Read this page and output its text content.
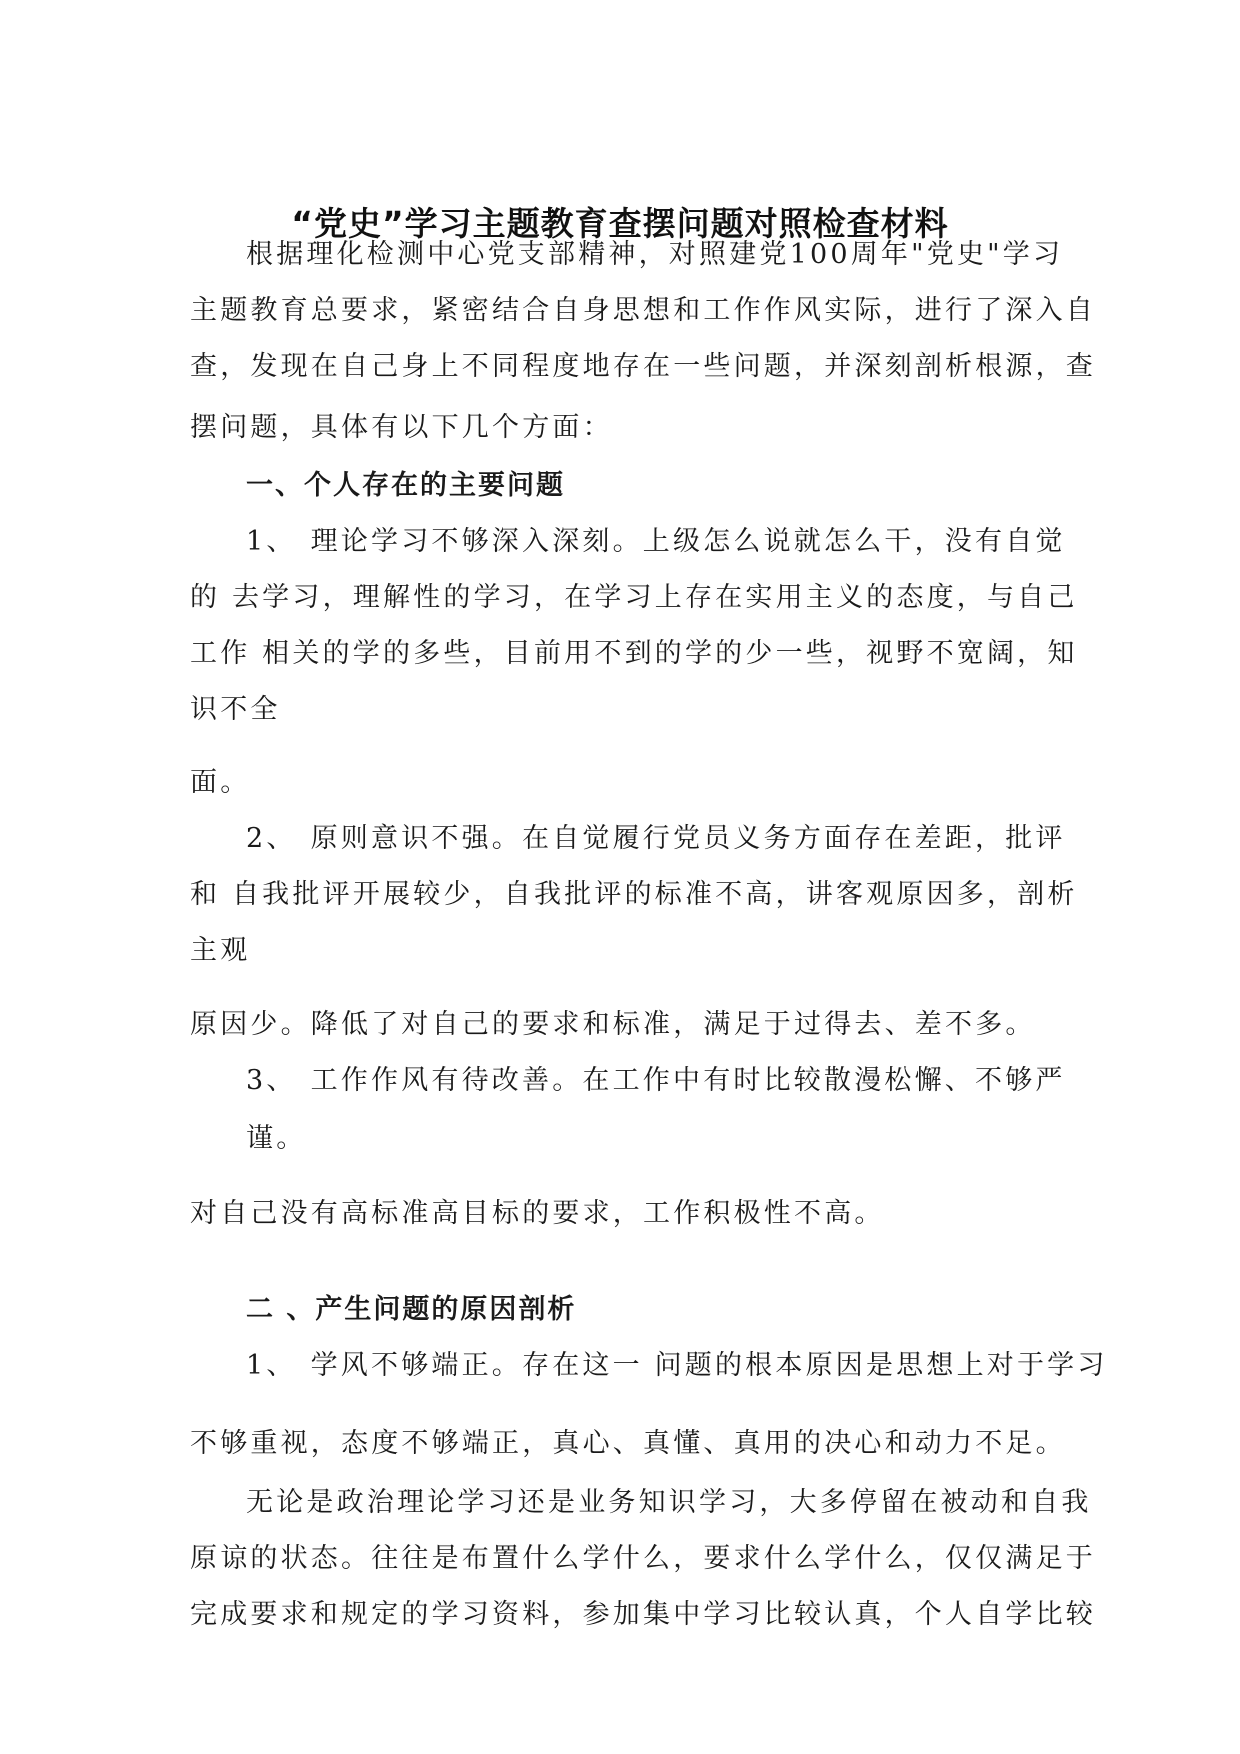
“党史”学习主题教育查摆问题对照检查材料
根据理化检测中心党支部精神，对照建党100周年"党史"学习
主题教育总要求，紧密结合自身思想和工作作风实际，进行了深入自
查，发现在自己身上不同程度地存在一些问题，并深刻剖析根源，查
摆问题，具体有以下几个方面：
一、个人存在的主要问题
1、 理论学习不够深入深刻。上级怎么说就怎么干，没有自觉
的 去学习，理解性的学习，在学习上存在实用主义的态度，与自己
工作 相关的学的多些，目前用不到的学的少一些，视野不宽阔，知
识不全
面。
2、 原则意识不强。在自觉履行党员义务方面存在差距，批评
和 自我批评开展较少，自我批评的标准不高，讲客观原因多，剖析
主观
原因少。降低了对自己的要求和标准，满足于过得去、差不多。
3、 工作作风有待改善。在工作中有时比较散漫松懈、不够严
谨。
对自己没有高标准高目标的要求，工作积极性不高。
二 、产生问题的原因剖析
1、 学风不够端正。存在这一 问题的根本原因是思想上对于学习
不够重视，态度不够端正，真心、真懂、真用的决心和动力不足。
无论是政治理论学习还是业务知识学习，大多停留在被动和自我
原谅的状态。往往是布置什么学什么，要求什么学什么，仅仅满足于
完成要求和规定的学习资料，参加集中学习比较认真，个人自学比较
